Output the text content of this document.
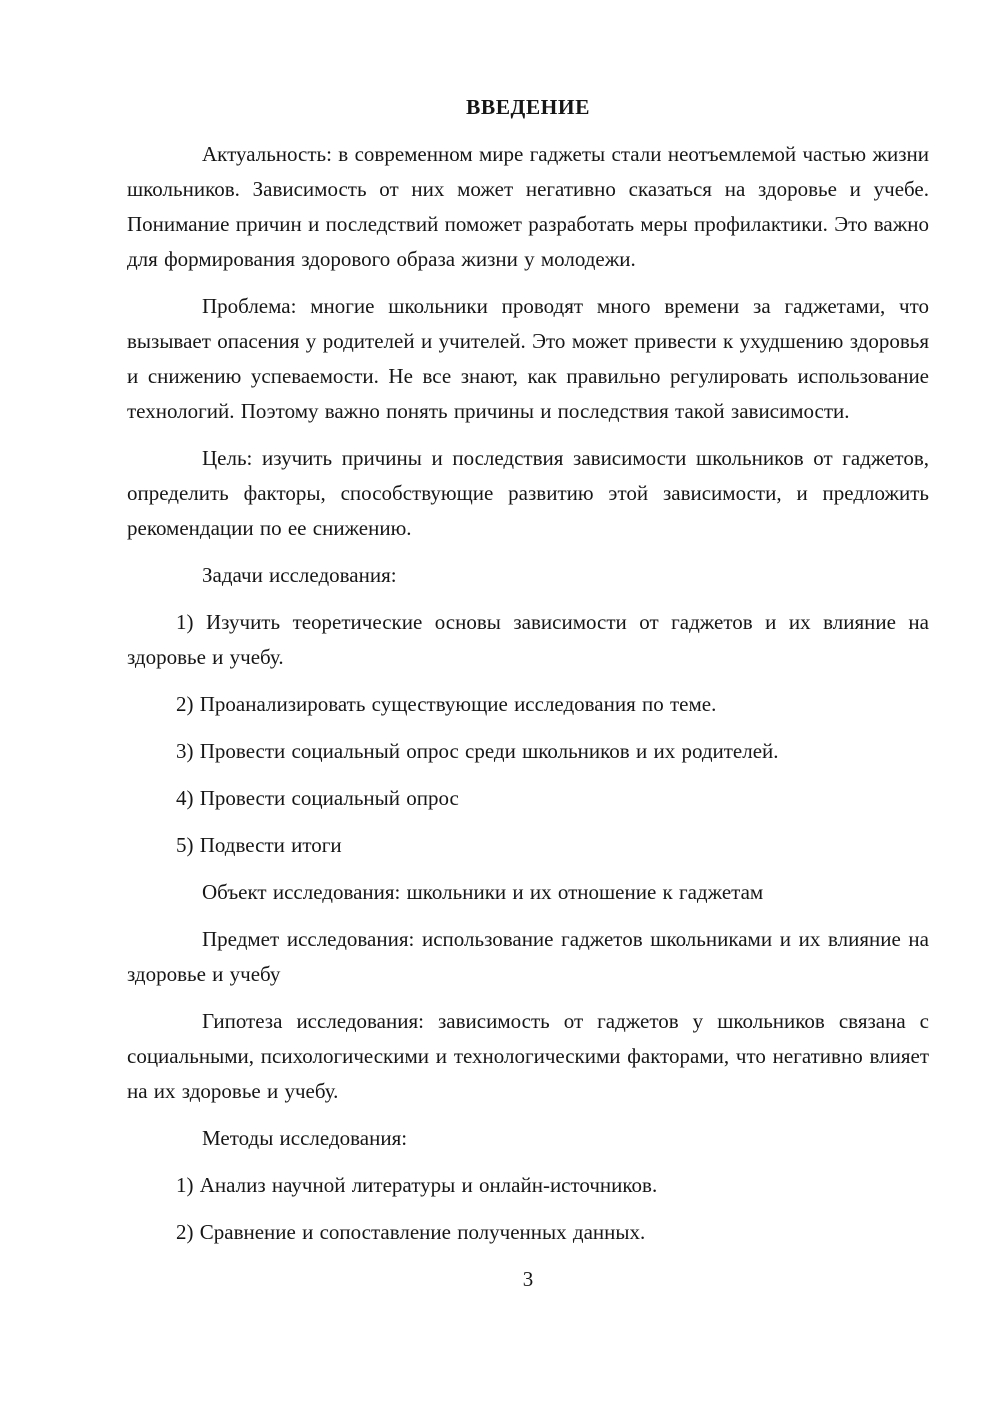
ВВЕДЕНИЕ

Актуальность: в современном мире гаджеты стали неотъемлемой частью жизни школьников. Зависимость от них может негативно сказаться на здоровье и учебе. Понимание причин и последствий поможет разработать меры профилактики. Это важно для формирования здорового образа жизни у молодежи.

Проблема: многие школьники проводят много времени за гаджетами, что вызывает опасения у родителей и учителей. Это может привести к ухудшению здоровья и снижению успеваемости. Не все знают, как правильно регулировать использование технологий. Поэтому важно понять причины и последствия такой зависимости.

Цель: изучить причины и последствия зависимости школьников от гаджетов, определить факторы, способствующие развитию этой зависимости, и предложить рекомендации по ее снижению.

Задачи исследования:

1) Изучить теоретические основы зависимости от гаджетов и их влияние на здоровье и учебу.

2) Проанализировать существующие исследования по теме.

3) Провести социальный опрос среди школьников и их родителей.

4) Провести социальный опрос

5) Подвести итоги

Объект исследования: школьники и их отношение к гаджетам

Предмет исследования: использование гаджетов школьниками и их влияние на здоровье и учебу

Гипотеза исследования: зависимость от гаджетов у школьников связана с социальными, психологическими и технологическими факторами, что негативно влияет на их здоровье и учебу.

Методы исследования:

1) Анализ научной литературы и онлайн-источников.

2) Сравнение и сопоставление полученных данных.

3
